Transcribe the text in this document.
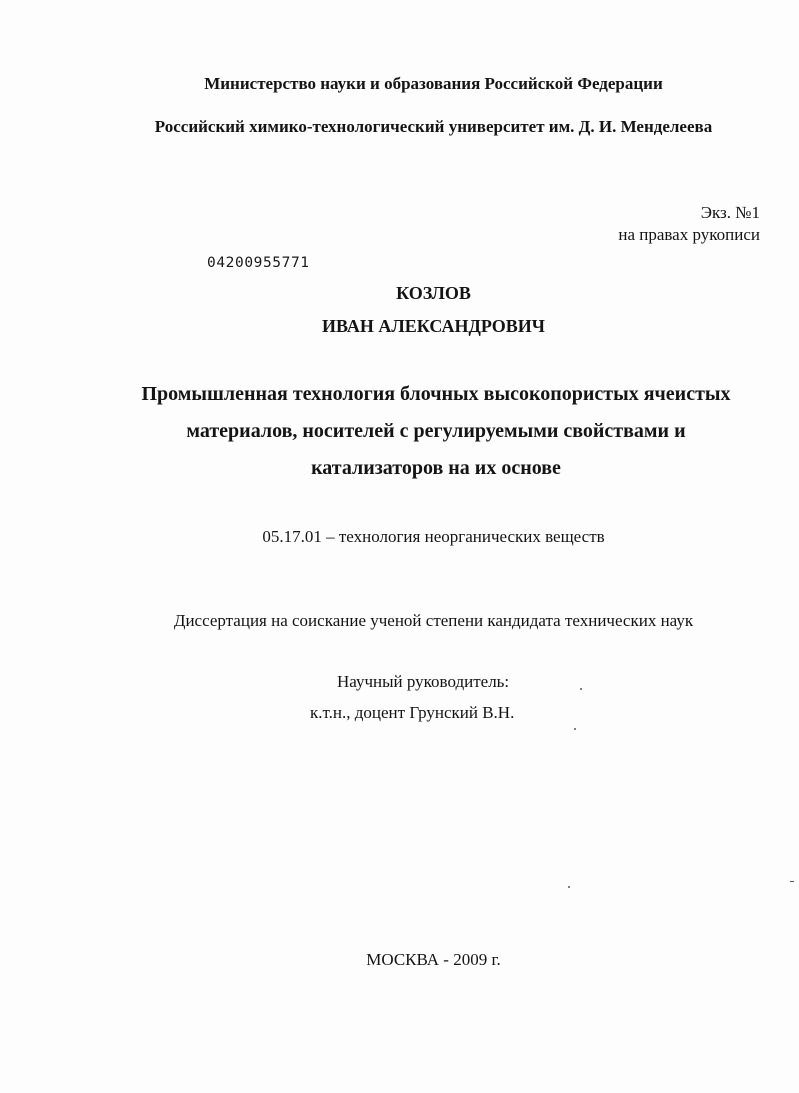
Министерство науки и образования Российской Федерации
Российский химико-технологический университет им. Д. И. Менделеева
Экз. №1
на правах рукописи
04200955771
КОЗЛОВ
ИВАН АЛЕКСАНДРОВИЧ
Промышленная технология блочных высокопористых ячеистых
материалов, носителей с регулируемыми свойствами и
катализаторов на их основе
05.17.01 – технология неорганических веществ
Диссертация на соискание ученой степени кандидата технических наук
Научный руководитель:
к.т.н., доцент Грунский В.Н.
МОСКВА - 2009 г.
